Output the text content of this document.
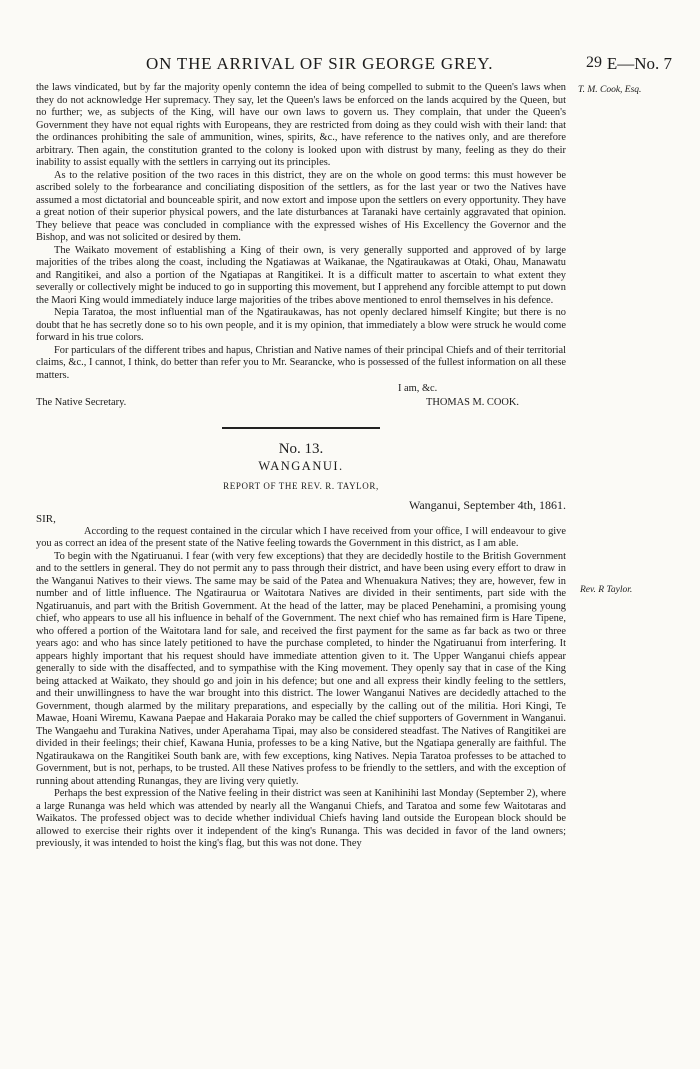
ON THE ARRIVAL OF SIR GEORGE GREY.	29 E—No. 7
T. M. Cook, Esq.
Rev. R Taylor.

the laws vindicated, but by far the majority openly contemn the idea of being compelled to submit to the Queen's laws when they do not acknowledge Her supremacy. They say, let the Queen's laws be enforced on the lands acquired by the Queen, but no further; we, as subjects of the King, will have our own laws to govern us. They complain, that under the Queen's Government they have not equal rights with Europeans, they are restricted from doing as they could wish with their land: that the ordinances prohibiting the sale of ammunition, wines, spirits, &c., have reference to the natives only, and are therefore arbitrary. Then again, the constitution granted to the colony is looked upon with distrust by many, feeling as they do their inability to assist equally with the settlers in carrying out its principles.

As to the relative position of the two races in this district, they are on the whole on good terms: this must however be ascribed solely to the forbearance and conciliating disposition of the settlers, as for the last year or two the Natives have assumed a most dictatorial and bounceable spirit, and now extort and impose upon the settlers on every opportunity. They have a great notion of their superior physical powers, and the late disturbances at Taranaki have certainly aggravated that opinion. They believe that peace was concluded in compliance with the expressed wishes of His Excellency the Governor and the Bishop, and was not solicited or desired by them.

The Waikato movement of establishing a King of their own, is very generally supported and approved of by large majorities of the tribes along the coast, including the Ngatiawas at Waikanae, the Ngatiraukawas at Otaki, Ohau, Manawatu and Rangitikei, and also a portion of the Ngatiapas at Rangitikei. It is a difficult matter to ascertain to what extent they severally or collectively might be induced to go in supporting this movement, but I apprehend any forcible attempt to put down the Maori King would immediately induce large majorities of the tribes above mentioned to enrol themselves in his defence.

Nepia Taratoa, the most influential man of the Ngatiraukawas, has not openly declared himself Kingite; but there is no doubt that he has secretly done so to his own people, and it is my opinion, that immediately a blow were struck he would come forward in his true colors.

For particulars of the different tribes and hapus, Christian and Native names of their principal Chiefs and of their territorial claims, &c., I cannot, I think, do better than refer you to Mr. Searancke, who is possessed of the fullest information on all these matters.

I am, &c.
The Native Secretary.	THOMAS M. COOK.
No. 13.
WANGANUI.
REPORT OF THE REV. R. TAYLOR,
Wanganui, September 4th, 1861.
SIR,

According to the request contained in the circular which I have received from your office, I will endeavour to give you as correct an idea of the present state of the Native feeling towards the Government in this district, as I am able.

To begin with the Ngatiruanui. I fear (with very few exceptions) that they are decidedly hostile to the British Government and to the settlers in general. They do not permit any to pass through their district, and have been using every effort to draw in the Wanganui Natives to their views. The same may be said of the Patea and Whenuakura Natives; they are, however, few in number and of little influence. The Ngatiraurua or Waitotara Natives are divided in their sentiments, part side with the Ngatiruanuis, and part with the British Government. At the head of the latter, may be placed Penehamini, a promising young chief, who appears to use all his influence in behalf of the Government. The next chief who has remained firm is Hare Tipene, who offered a portion of the Waitotara land for sale, and received the first payment for the same as far back as two or three years ago: and who has since lately petitioned to have the purchase completed, to hinder the Ngatiruanui from interfering. It appears highly important that his request should have immediate attention given to it. The Upper Wanganui chiefs appear generally to side with the disaffected, and to sympathise with the King movement. They openly say that in case of the King being attacked at Waikato, they should go and join in his defence; but one and all express their kindly feeling to the settlers, and their unwillingness to have the war brought into this district. The lower Wanganui Natives are decidedly attached to the Government, though alarmed by the military preparations, and especially by the calling out of the militia. Hori Kingi, Te Mawae, Hoani Wiremu, Kawana Paepae and Hakaraia Porako may be called the chief supporters of Government in Wanganui. The Wangaehu and Turakina Natives, under Aperahama Tipai, may also be considered steadfast. The Natives of Rangitikei are divided in their feelings; their chief, Kawana Hunia, professes to be a king Native, but the Ngatiapa generally are faithful. The Ngatiraukawa on the Rangitikei South bank are, with few exceptions, king Natives. Nepia Taratoa professes to be attached to Government, but is not, perhaps, to be trusted. All these Natives profess to be friendly to the settlers, and with the exception of running about attending Runangas, they are living very quietly.

Perhaps the best expression of the Native feeling in their district was seen at Kanihinihi last Monday (September 2), where a large Runanga was held which was attended by nearly all the Wanganui Chiefs, and Taratoa and some few Waitotaras and Waikatos. The professed object was to decide whether individual Chiefs having land outside the European block should be allowed to exercise their rights over it independent of the king's Runanga. This was decided in favor of the land owners; previously, it was intended to hoist the king's flag, but this was not done. They
